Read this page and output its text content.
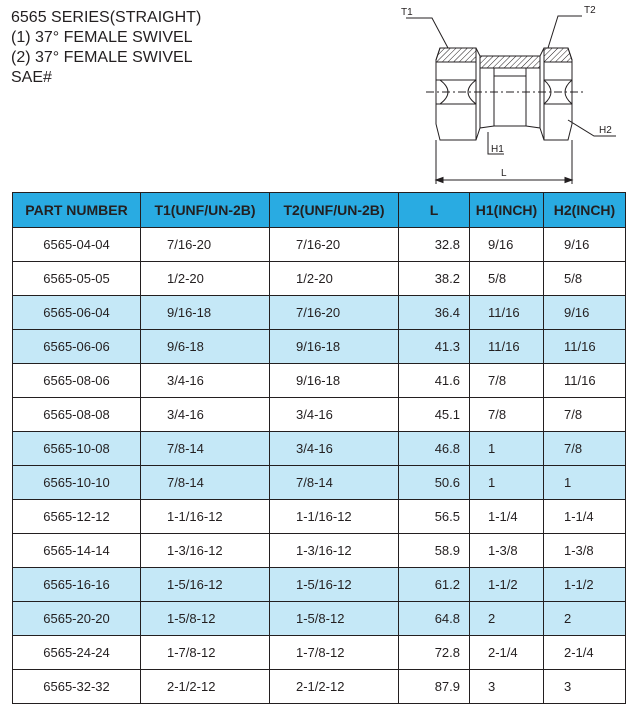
6565 SERIES(STRAIGHT)
(1) 37° FEMALE SWIVEL
(2) 37° FEMALE SWIVEL
SAE#
T1	T2
H1
H2
L
PART NUMBER	T1(UNF/UN-2B)	T2(UNF/UN-2B)	L	H1(INCH)	H2(INCH)
6565-04-04	7/16-20	7/16-20	32.8	9/16	9/16
6565-05-05	1/2-20	1/2-20	38.2	5/8	5/8
6565-06-04	9/16-18	7/16-20	36.4	11/16	9/16
6565-06-06	9/6-18	9/16-18	41.3	11/16	11/16
6565-08-06	3/4-16	9/16-18	41.6	7/8	11/16
6565-08-08	3/4-16	3/4-16	45.1	7/8	7/8
6565-10-08	7/8-14	3/4-16	46.8	1	7/8
6565-10-10	7/8-14	7/8-14	50.6	1	1
6565-12-12	1-1/16-12	1-1/16-12	56.5	1-1/4	1-1/4
6565-14-14	1-3/16-12	1-3/16-12	58.9	1-3/8	1-3/8
6565-16-16	1-5/16-12	1-5/16-12	61.2	1-1/2	1-1/2
6565-20-20	1-5/8-12	1-5/8-12	64.8	2	2
6565-24-24	1-7/8-12	1-7/8-12	72.8	2-1/4	2-1/4
6565-32-32	2-1/2-12	2-1/2-12	87.9	3	3
